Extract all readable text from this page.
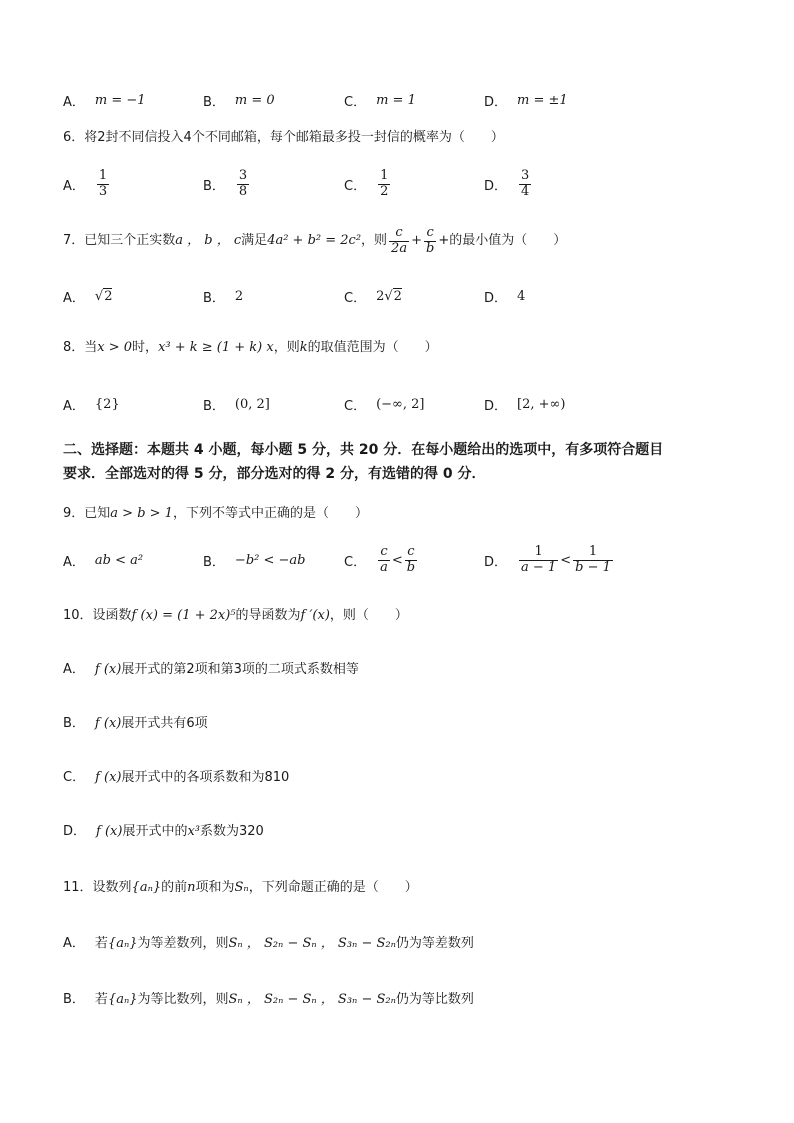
A． m = −1	B． m = 0	C． m = 1	D． m = ±1
6．将2封不同信投入4个不同邮箱，每个邮箱最多投一封信的概率为（　　）
A． $\frac{1}{3}$	B． $\frac{3}{8}$	C． $\frac{1}{2}$	D． $\frac{3}{4}$
7．已知三个正实数 a ， b ， c 满足 4a² + b² = 2c² ，则 $\frac{c}{2a} + \frac{c}{b}$ +的最小值为（　　）
A． √2	B． 2	C． 2 √2	D． 4
8．当x > 0时，x³ + k ≥ (1 + k) x，则k的取值范围为（　　）
A． {2}	B． (0, 2]	C． (−∞, 2]	D． [2, +∞)
二、选择题：本题共 4 小题，每小题 5 分，共 20 分．在每小题给出的选项中，有多项符合题目
要求．全部选对的得 5 分，部分选对的得 2 分，有选错的得 0 分．
9．已知a > b > 1，下列不等式中正确的是（　　）
A． ab < a²	B． −b² < −ab	C． $\frac{c}{a} < \frac{c}{b}$	D． $\frac{1}{a - 1} < \frac{1}{b - 1}$
10．设函数f (x) = (1 + 2x)⁵的导函数为f ′(x)，则（　　）
A． f (x)展开式的第2项和第3项的二项式系数相等
B． f (x)展开式共有6项
C． f (x)展开式中的各项系数和为810
D． f (x)展开式中的x³系数为320
11．设数列{aₙ}的前n项和为Sₙ，下列命题正确的是（　　）
A． 若{aₙ}为等差数列，则Sₙ ， S₂ₙ − Sₙ ， S₃ₙ − S₂ₙ仍为等差数列
B． 若{aₙ}为等比数列，则Sₙ ， S₂ₙ − Sₙ ， S₃ₙ − S₂ₙ仍为等比数列
